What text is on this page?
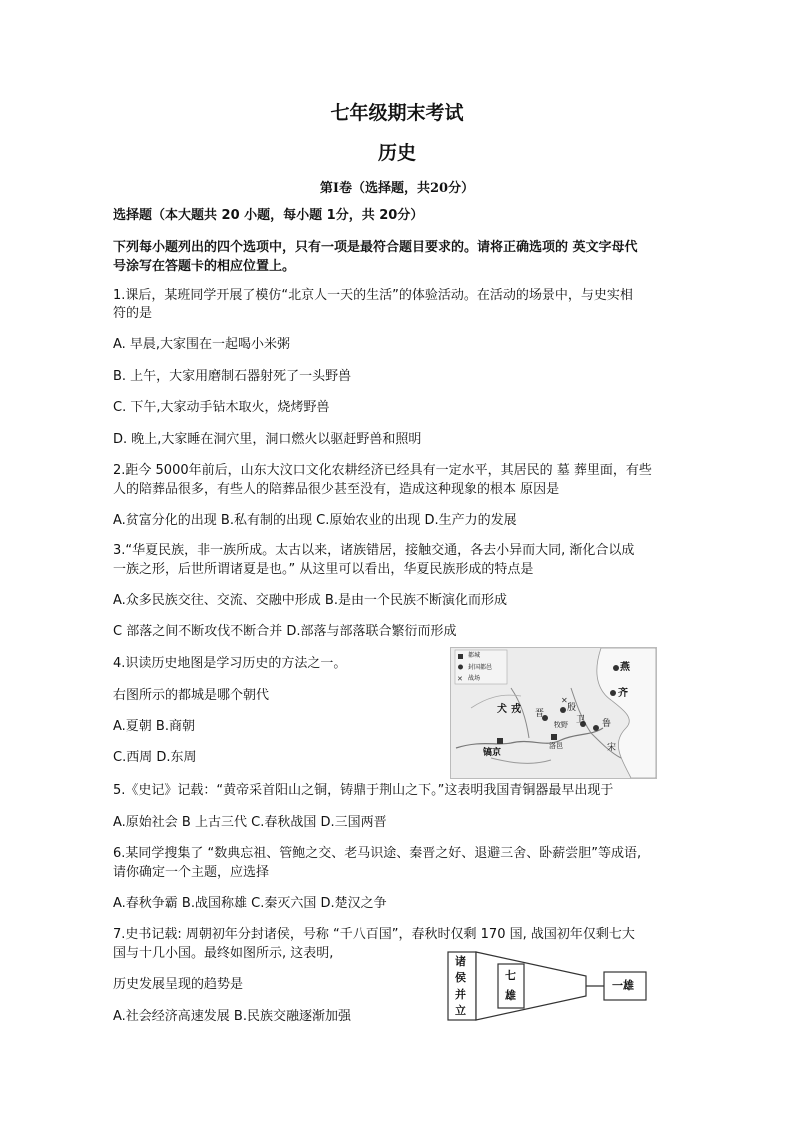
七年级期末考试
历史
第Ⅰ卷（选择题，共20分）
选择题（本大题共 20 小题，每小题 1分，共 20分）
下列每小题列出的四个选项中，只有一项是最符合题目要求的。请将正确选项的 英文字母代
号涂写在答题卡的相应位置上。
1.课后，某班同学开展了模仿“北京人一天的生活”的体验活动。在活动的场景中，与史实相
符的是
A. 早晨,大家围在一起喝小米粥
B. 上午，大家用磨制石器射死了一头野兽
C. 下午,大家动手钻木取火，烧烤野兽
D. 晚上,大家睡在洞穴里，洞口燃火以驱赶野兽和照明
2.距今 5000年前后，山东大汶口文化农耕经济已经具有一定水平，其居民的 墓 葬里面，有些
人的陪葬品很多，有些人的陪葬品很少甚至没有，造成这种现象的根本 原因是
A.贫富分化的出现 B.私有制的出现 C.原始农业的出现 D.生产力的发展
3.“华夏民族，非一族所成。太古以来，诸族错居，接触交通，各去小异而大同, 渐化合以成
一族之形，后世所谓诸夏是也。” 从这里可以看出，华夏民族形成的特点是
A.众多民族交往、交流、交融中形成 B.是由一个民族不断演化而形成
C 部落之间不断攻伐不断合并 D.部落与部落联合繁衍而形成
4.识读历史地图是学习历史的方法之一。
右图所示的都城是哪个朝代
A.夏朝 B.商朝
C.西周 D.东周
✕
✕
都城
封国都邑
战场
犬 戎
燕
齐
鲁
晋
殷
卫
宋
镐京
洛邑
牧野
5.《史记》记载：“黄帝采首阳山之铜，铸鼎于荆山之下。”这表明我国青铜器最早出现于
A.原始社会 B 上古三代 C.春秋战国 D.三国两晋
6.某同学搜集了 “数典忘祖、管鲍之交、老马识途、秦晋之好、退避三舍、卧薪尝胆”等成语,
请你确定一个主题，应选择
A.春秋争霸 B.战国称雄 C.秦灭六国 D.楚汉之争
7.史书记载: 周朝初年分封诸侯，号称 “千八百国”，春秋时仅剩 170 国, 战国初年仅剩七大
国与十几小国。最终如图所示, 这表明,
历史发展呈现的趋势是
A.社会经济高速发展 B.民族交融逐渐加强
诸
侯
并
立
七
雄
一雄
